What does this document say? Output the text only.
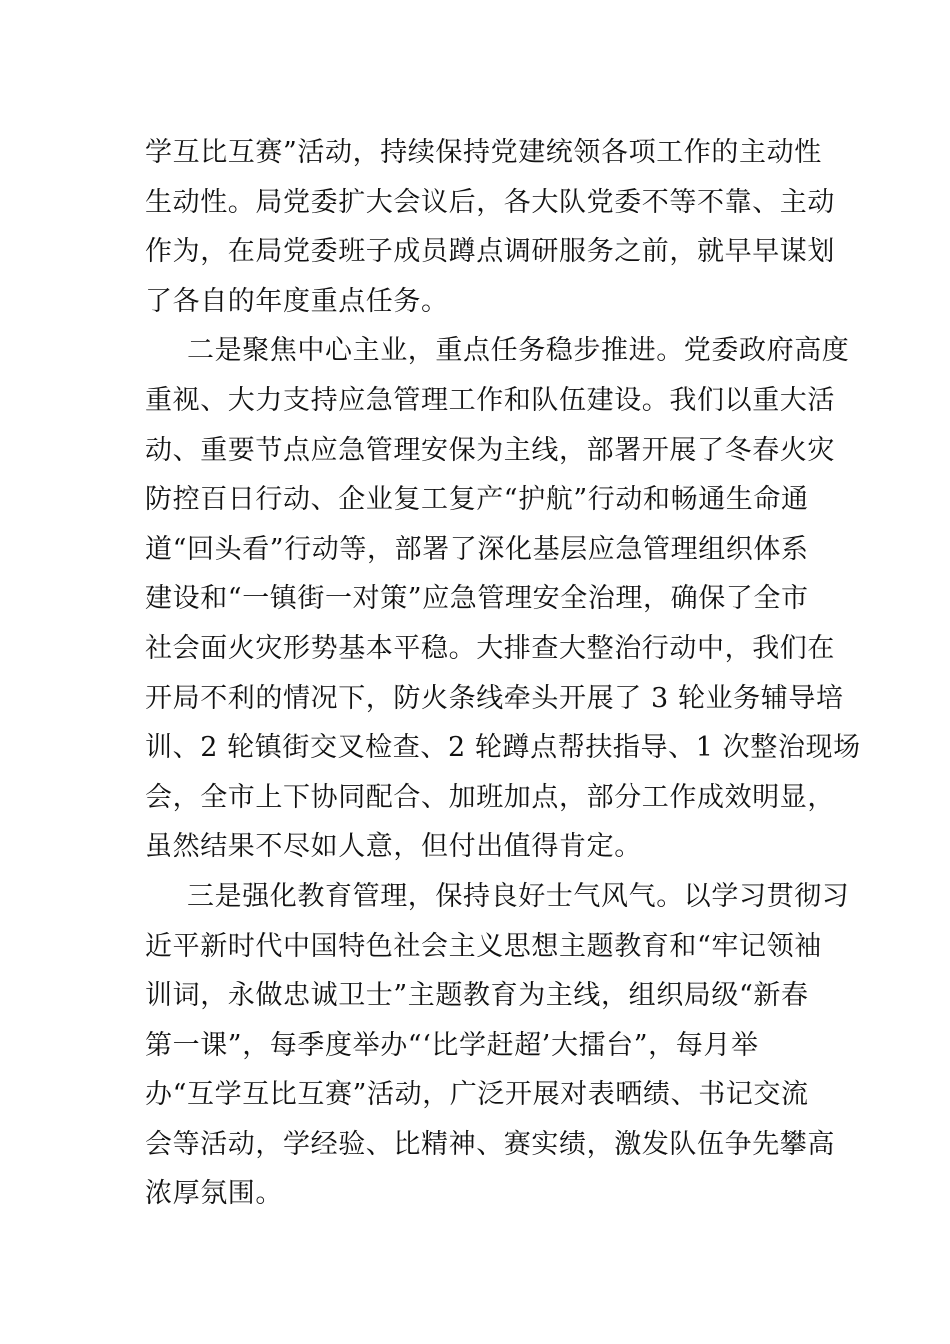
学互比互赛”活动，持续保持党建统领各项工作的主动性
生动性。局党委扩大会议后，各大队党委不等不靠、主动
作为，在局党委班子成员蹲点调研服务之前，就早早谋划
了各自的年度重点任务。
二是聚焦中心主业，重点任务稳步推进。党委政府高度
重视、大力支持应急管理工作和队伍建设。我们以重大活
动、重要节点应急管理安保为主线，部署开展了冬春火灾
防控百日行动、企业复工复产“护航”行动和畅通生命通
道“回头看”行动等，部署了深化基层应急管理组织体系
建设和“一镇街一对策”应急管理安全治理，确保了全市
社会面火灾形势基本平稳。大排查大整治行动中，我们在
开局不利的情况下，防火条线牵头开展了 3 轮业务辅导培
训、2 轮镇街交叉检查、2 轮蹲点帮扶指导、1 次整治现场
会，全市上下协同配合、加班加点，部分工作成效明显，
虽然结果不尽如人意，但付出值得肯定。
三是强化教育管理，保持良好士气风气。以学习贯彻习
近平新时代中国特色社会主义思想主题教育和“牢记领袖
训词，永做忠诚卫士”主题教育为主线，组织局级“新春
第一课”，每季度举办“‘比学赶超’大擂台”，每月举
办“互学互比互赛”活动，广泛开展对表晒绩、书记交流
会等活动，学经验、比精神、赛实绩，激发队伍争先攀高
浓厚氛围。
